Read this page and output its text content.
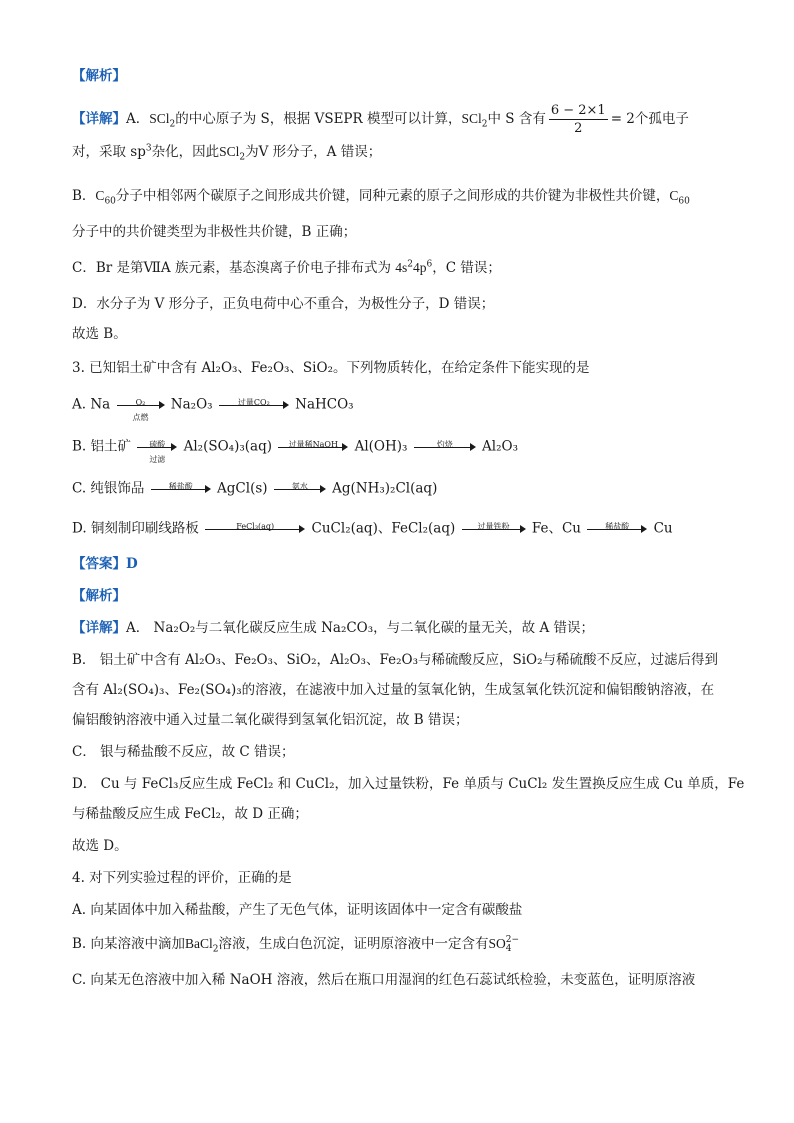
【解析】
【详解】A．SCl$_2$的中心原子为 S，根据 VSEPR 模型可以计算，SCl$_2$中 S 含有 $\frac{6 - 2\times 1}{2} = 2$个孤电子
对，采取 $sp^3$杂化，因此SCl$_2$为V 形分子，A 错误；
B．$C_{60}$分子中相邻两个碳原子之间形成共价键，同种元素的原子之间形成的共价键为非极性共价键，$C_{60}$
分子中的共价键类型为非极性共价键，B 正确；
C．Br 是第ⅦA 族元素，基态溴离子价电子排布式为 $4s^24p^6$，C 错误；
D．水分子为 V 形分子，正负电荷中心不重合，为极性分子，D 错误；
故选 B。
3. 已知铝土矿中含有 Al₂O₃、Fe₂O₃、SiO₂。下列物质转化，在给定条件下能实现的是
A. Na	O₂
点燃
Na₂O₃	过量CO₂	NaHCO₃
B. 铝土矿	硫酸
过滤
Al₂(SO₄)₃(aq)	过量稀NaOH	Al(OH)₃	灼烧	Al₂O₃
C. 纯银饰品	稀盐酸	AgCl(s)	氨水	Ag(NH₃)₂Cl(aq)
D. 铜刻制印刷线路板	FeCl₃(aq)	CuCl₂(aq)、FeCl₂(aq)	过量铁粉	Fe、Cu	稀盐酸	Cu
【答案】D
【解析】
【详解】A． Na₂O₂与二氧化碳反应生成 Na₂CO₃，与二氧化碳的量无关，故 A 错误；
B． 铝土矿中含有 Al₂O₃、Fe₂O₃、SiO₂，Al₂O₃、Fe₂O₃与稀硫酸反应，SiO₂与稀硫酸不反应，过滤后得到
含有 Al₂(SO₄)₃、Fe₂(SO₄)₃的溶液，在滤液中加入过量的氢氧化钠，生成氢氧化铁沉淀和偏铝酸钠溶液，在
偏铝酸钠溶液中通入过量二氧化碳得到氢氧化铝沉淀，故 B 错误；
C． 银与稀盐酸不反应，故 C 错误；
D． Cu 与 FeCl₃反应生成 FeCl₂ 和 CuCl₂，加入过量铁粉，Fe 单质与 CuCl₂ 发生置换反应生成 Cu 单质，Fe
与稀盐酸反应生成 FeCl₂，故 D 正确；
故选 D。
4. 对下列实验过程的评价，正确的是
A. 向某固体中加入稀盐酸，产生了无色气体，证明该固体中一定含有碳酸盐
B. 向某溶液中滴加BaCl$_2$溶液，生成白色沉淀，证明原溶液中一定含有SO 2−
4
C. 向某无色溶液中加入稀 NaOH 溶液，然后在瓶口用湿润的红色石蕊试纸检验，未变蓝色，证明原溶液
